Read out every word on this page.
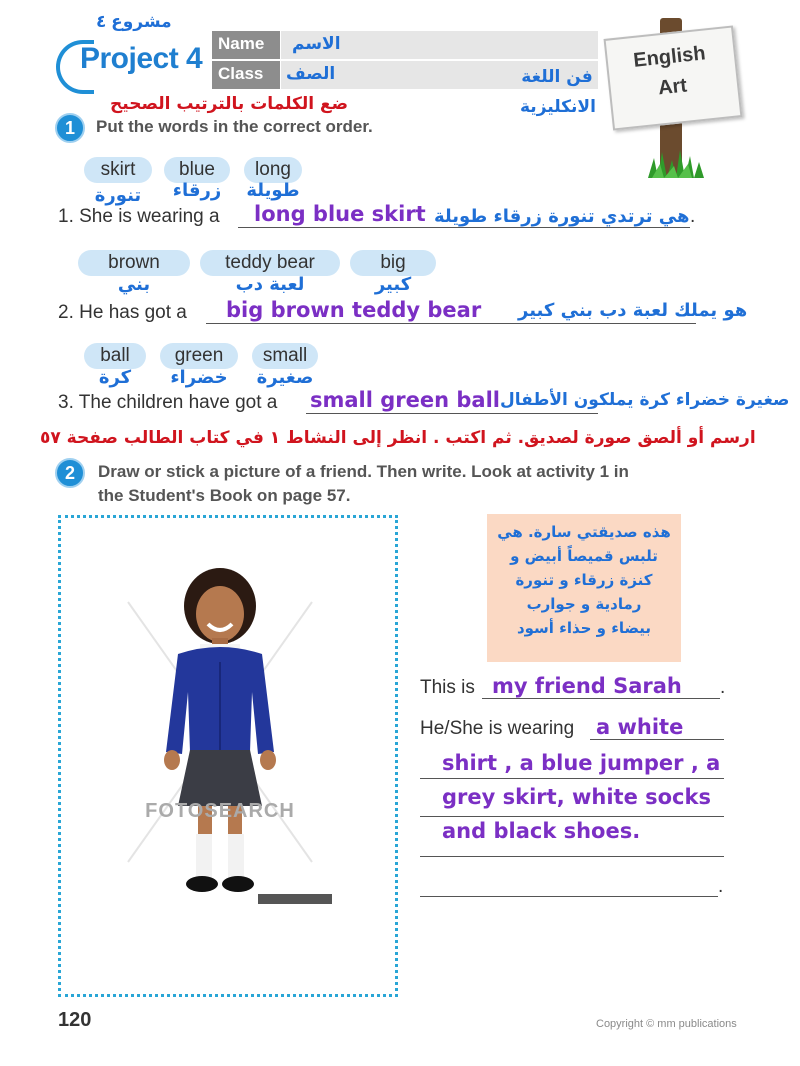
مشروع ٤
Project 4 Name	الاسم
Class	الصف	فن اللغة
الانكليزية
English
Art
ضع الكلمات بالترتيب الصحيح
1	Put the words in the correct order.
skirt	blue	long
تنورة	زرقاء	طويلة
1. She is wearing a long blue skirt هي ترتدي تنورة زرقاء طويلة .
brown	teddy bear	big
بني	لعبة دب	كبير
2. He has got a big brown teddy bear هو يملك لعبة دب بني كبير
ball	green	small
كرة	خضراء	صغيرة
3. The children have got a small green ball صغيرة خضراء كرة يملكون الأطفال
ارسم أو ألصق صورة لصديق. ثم اكتب . انظر إلى النشاط ١ في كتاب الطالب صفحة ٥٧
2	Draw or stick a picture of a friend. Then write. Look at activity 1 in
the Student's Book on page 57.
FOTOSEARCH
هذه صديقتي سارة. هي
تلبس قميصاً أبيض و
كنزة زرقاء و تنورة
رمادية و جوارب
بيضاء و حذاء أسود
This is my friend Sarah .
He/She is wearing a white
shirt , a blue jumper , a
grey skirt, white socks
and black shoes.
.
120	Copyright © mm publications
